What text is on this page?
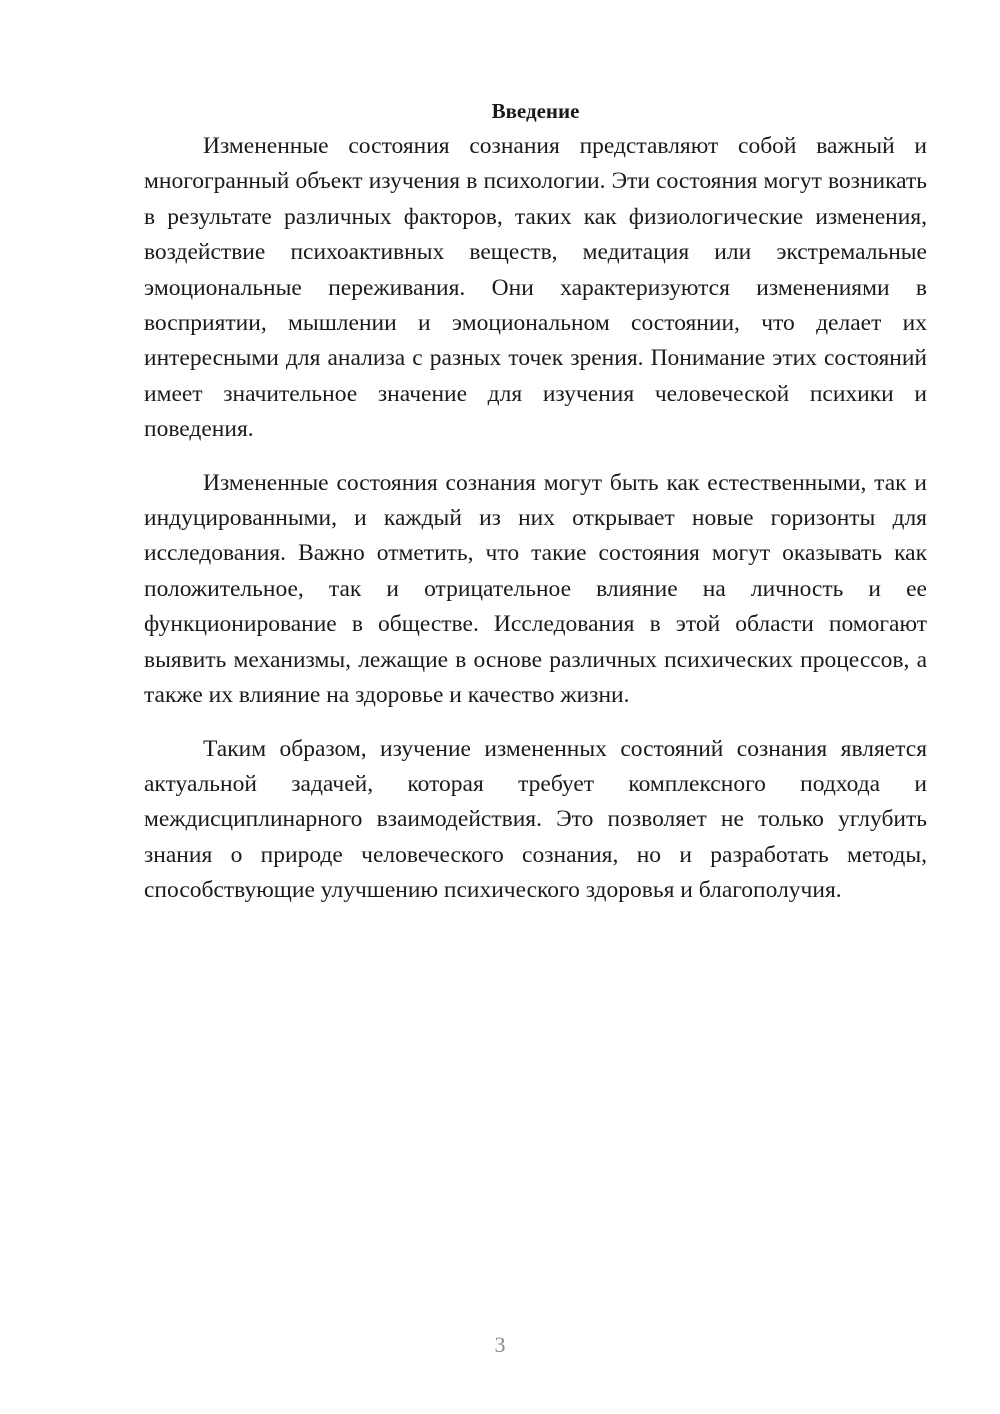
Введение

Измененные состояния сознания представляют собой важный и многогранный объект изучения в психологии. Эти состояния могут возникать в результате различных факторов, таких как физиологические изменения, воздействие психоактивных веществ, медитация или экстремальные эмоциональные переживания. Они характеризуются изменениями в восприятии, мышлении и эмоциональном состоянии, что делает их интересными для анализа с разных точек зрения. Понимание этих состояний имеет значительное значение для изучения человеческой психики и поведения.

Измененные состояния сознания могут быть как естественными, так и индуцированными, и каждый из них открывает новые горизонты для исследования. Важно отметить, что такие состояния могут оказывать как положительное, так и отрицательное влияние на личность и ее функционирование в обществе. Исследования в этой области помогают выявить механизмы, лежащие в основе различных психических процессов, а также их влияние на здоровье и качество жизни.

Таким образом, изучение измененных состояний сознания является актуальной задачей, которая требует комплексного подхода и междисциплинарного взаимодействия. Это позволяет не только углубить знания о природе человеческого сознания, но и разработать методы, способствующие улучшению психического здоровья и благополучия.

3
